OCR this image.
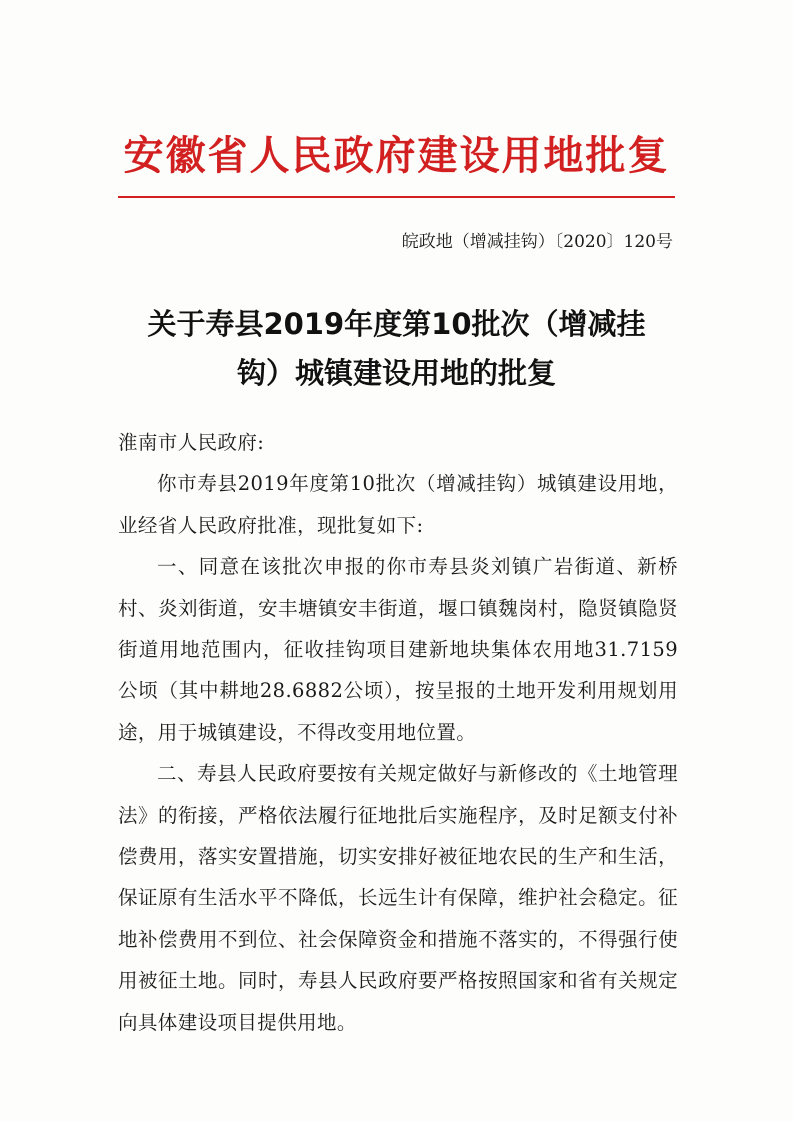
安徽省人民政府建设用地批复
皖政地（增减挂钩）〔2020〕120号
关于寿县2019年度第10批次（增减挂
钩）城镇建设用地的批复

淮南市人民政府:

你市寿县2019年度第10批次（增减挂钩）城镇建设用地，业经省人民政府批准，现批复如下:

一、同意在该批次申报的你市寿县炎刘镇广岩街道、新桥村、炎刘街道，安丰塘镇安丰街道，堰口镇魏岗村，隐贤镇隐贤街道用地范围内，征收挂钩项目建新地块集体农用地31.7159公顷（其中耕地28.6882公顷），按呈报的土地开发利用规划用途，用于城镇建设，不得改变用地位置。

二、寿县人民政府要按有关规定做好与新修改的《土地管理法》的衔接，严格依法履行征地批后实施程序，及时足额支付补偿费用，落实安置措施，切实安排好被征地农民的生产和生活，保证原有生活水平不降低，长远生计有保障，维护社会稳定。征地补偿费用不到位、社会保障资金和措施不落实的，不得强行使用被征土地。同时，寿县人民政府要严格按照国家和省有关规定向具体建设项目提供用地。
